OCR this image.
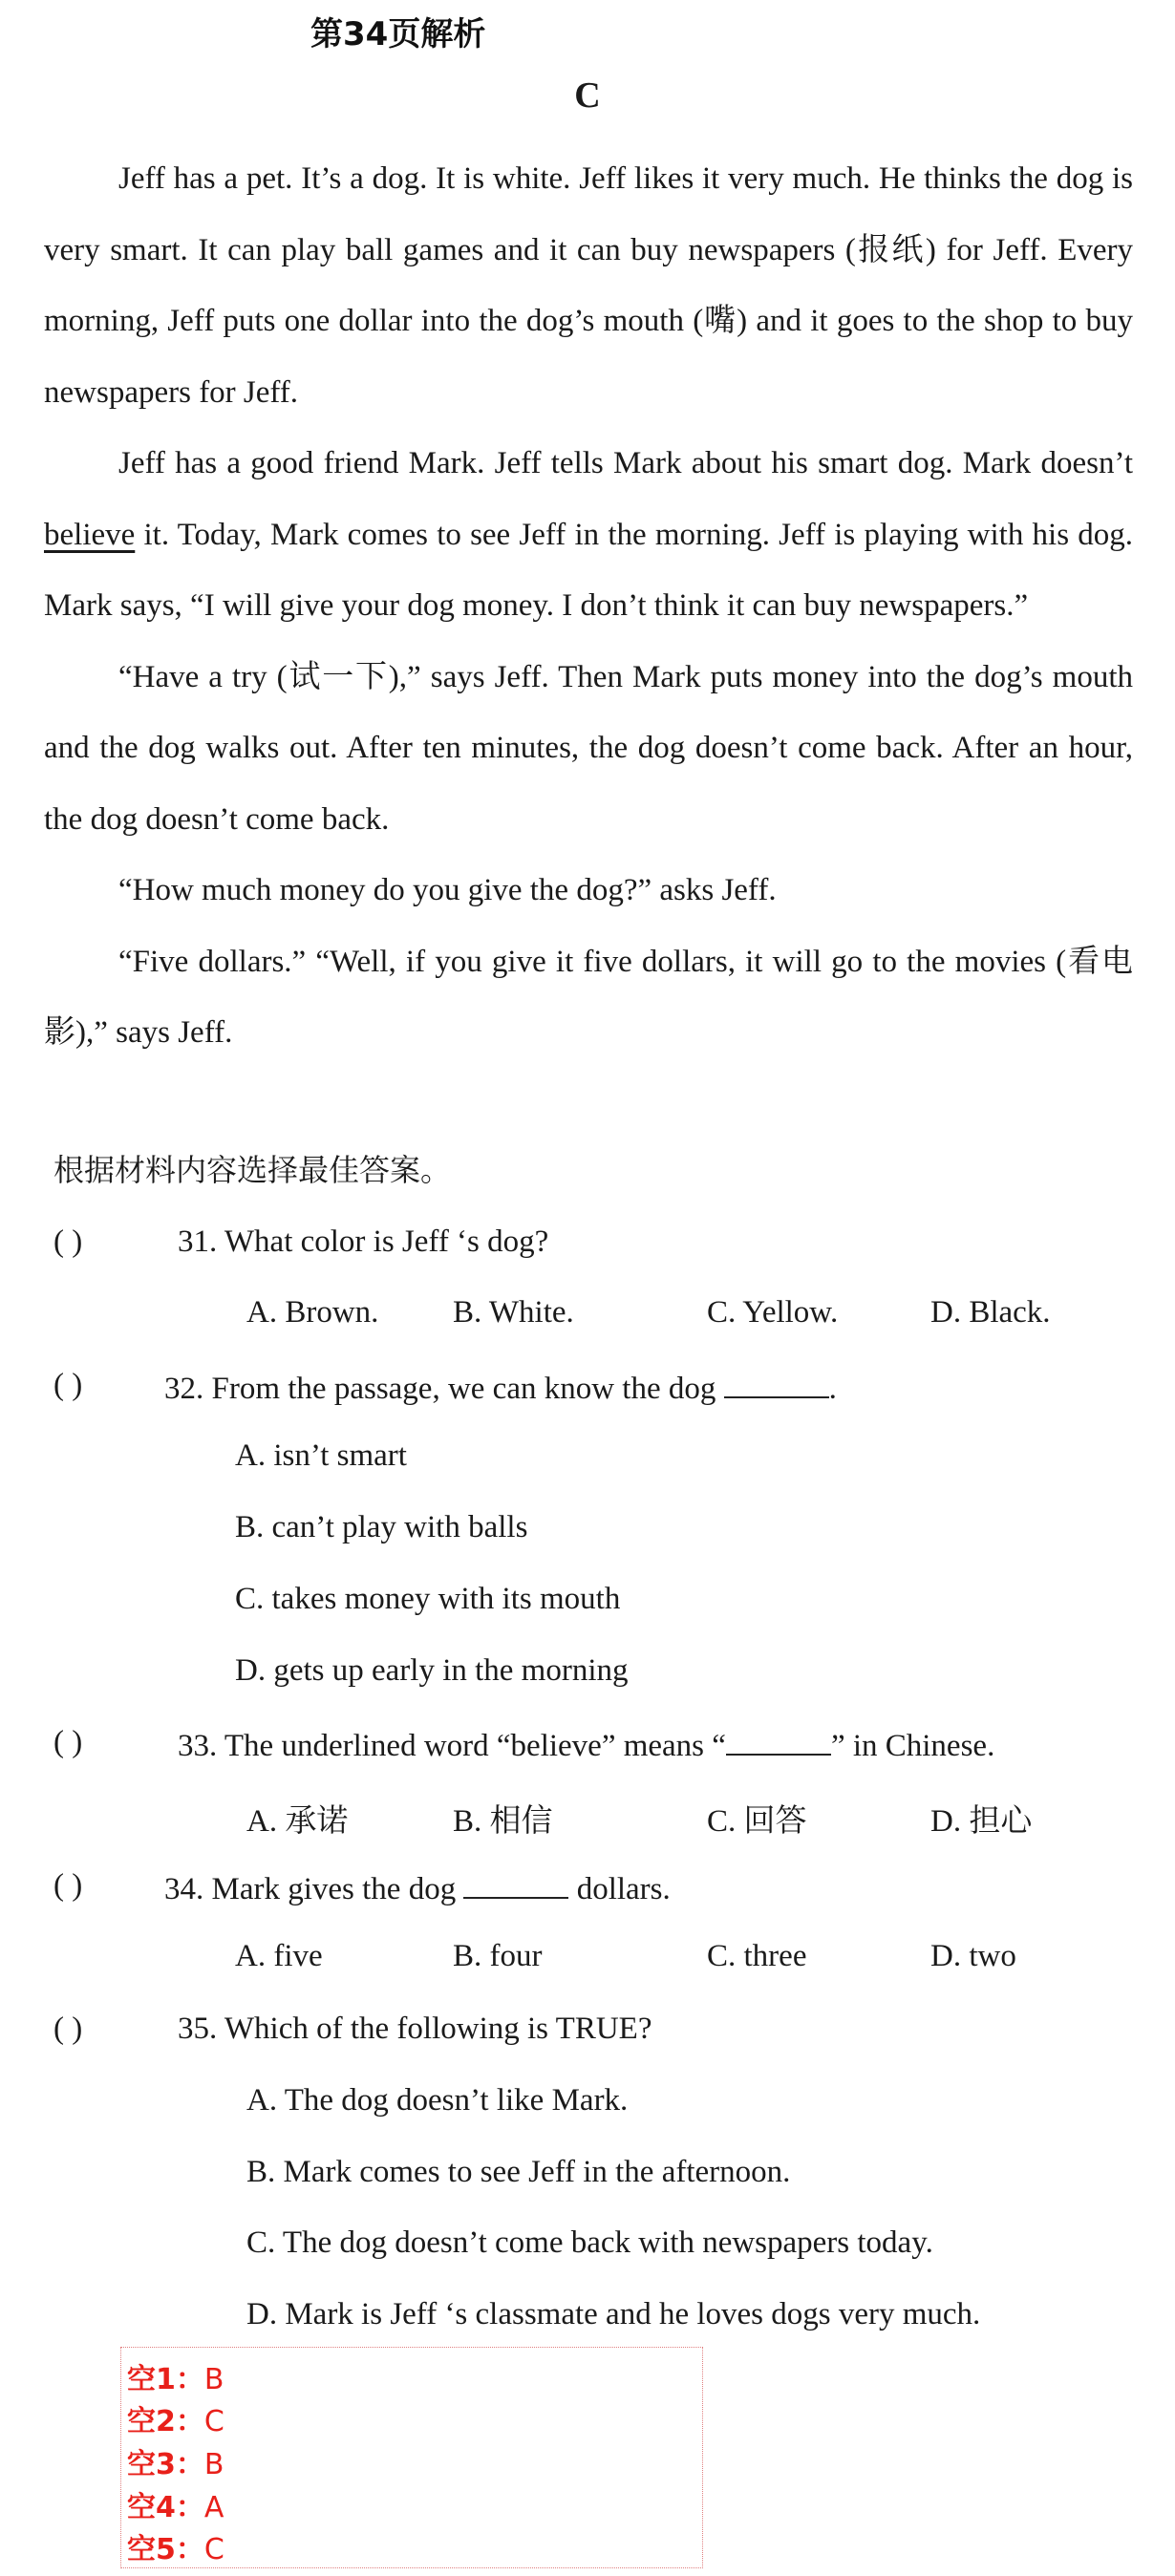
第34页解析
C

Jeff has a pet. It’s a dog. It is white. Jeff likes it very much. He thinks the dog is very smart. It can play ball games and it can buy newspapers (报纸) for Jeff. Every morning, Jeff puts one dollar into the dog’s mouth (嘴) and it goes to the shop to buy newspapers for Jeff.

Jeff has a good friend Mark. Jeff tells Mark about his smart dog. Mark doesn’t believe it. Today, Mark comes to see Jeff in the morning. Jeff is playing with his dog. Mark says, “I will give your dog money. I don’t think it can buy newspapers.”

“Have a try (试一下),” says Jeff. Then Mark puts money into the dog’s mouth and the dog walks out. After ten minutes, the dog doesn’t come back. After an hour, the dog doesn’t come back.

“How much money do you give the dog?” asks Jeff.

“Five dollars.” “Well, if you give it five dollars, it will go to the movies (看电影),” says Jeff.

根据材料内容选择最佳答案。
( )	31. What color is Jeff ‘s dog?
A. Brown. B. White.	C. Yellow.	D. Black.
( )	32. From the passage, we can know the dog	.
A. isn’t smart
B. can’t play with balls
C. takes money with its mouth
D. gets up early in the morning
( )	33. The underlined word “believe” means “	” in Chinese.
A. 承诺	B. 相信	C. 回答	D. 担心
( )	34. Mark gives the dog	dollars.
A. five	B. four	C. three	D. two
( )	35. Which of the following is TRUE?
A. The dog doesn’t like Mark.
B. Mark comes to see Jeff in the afternoon.
C. The dog doesn’t come back with newspapers today.
D. Mark is Jeff ‘s classmate and he loves dogs very much.
空1：B
空2：C
空3：B
空4：A
空5：C
